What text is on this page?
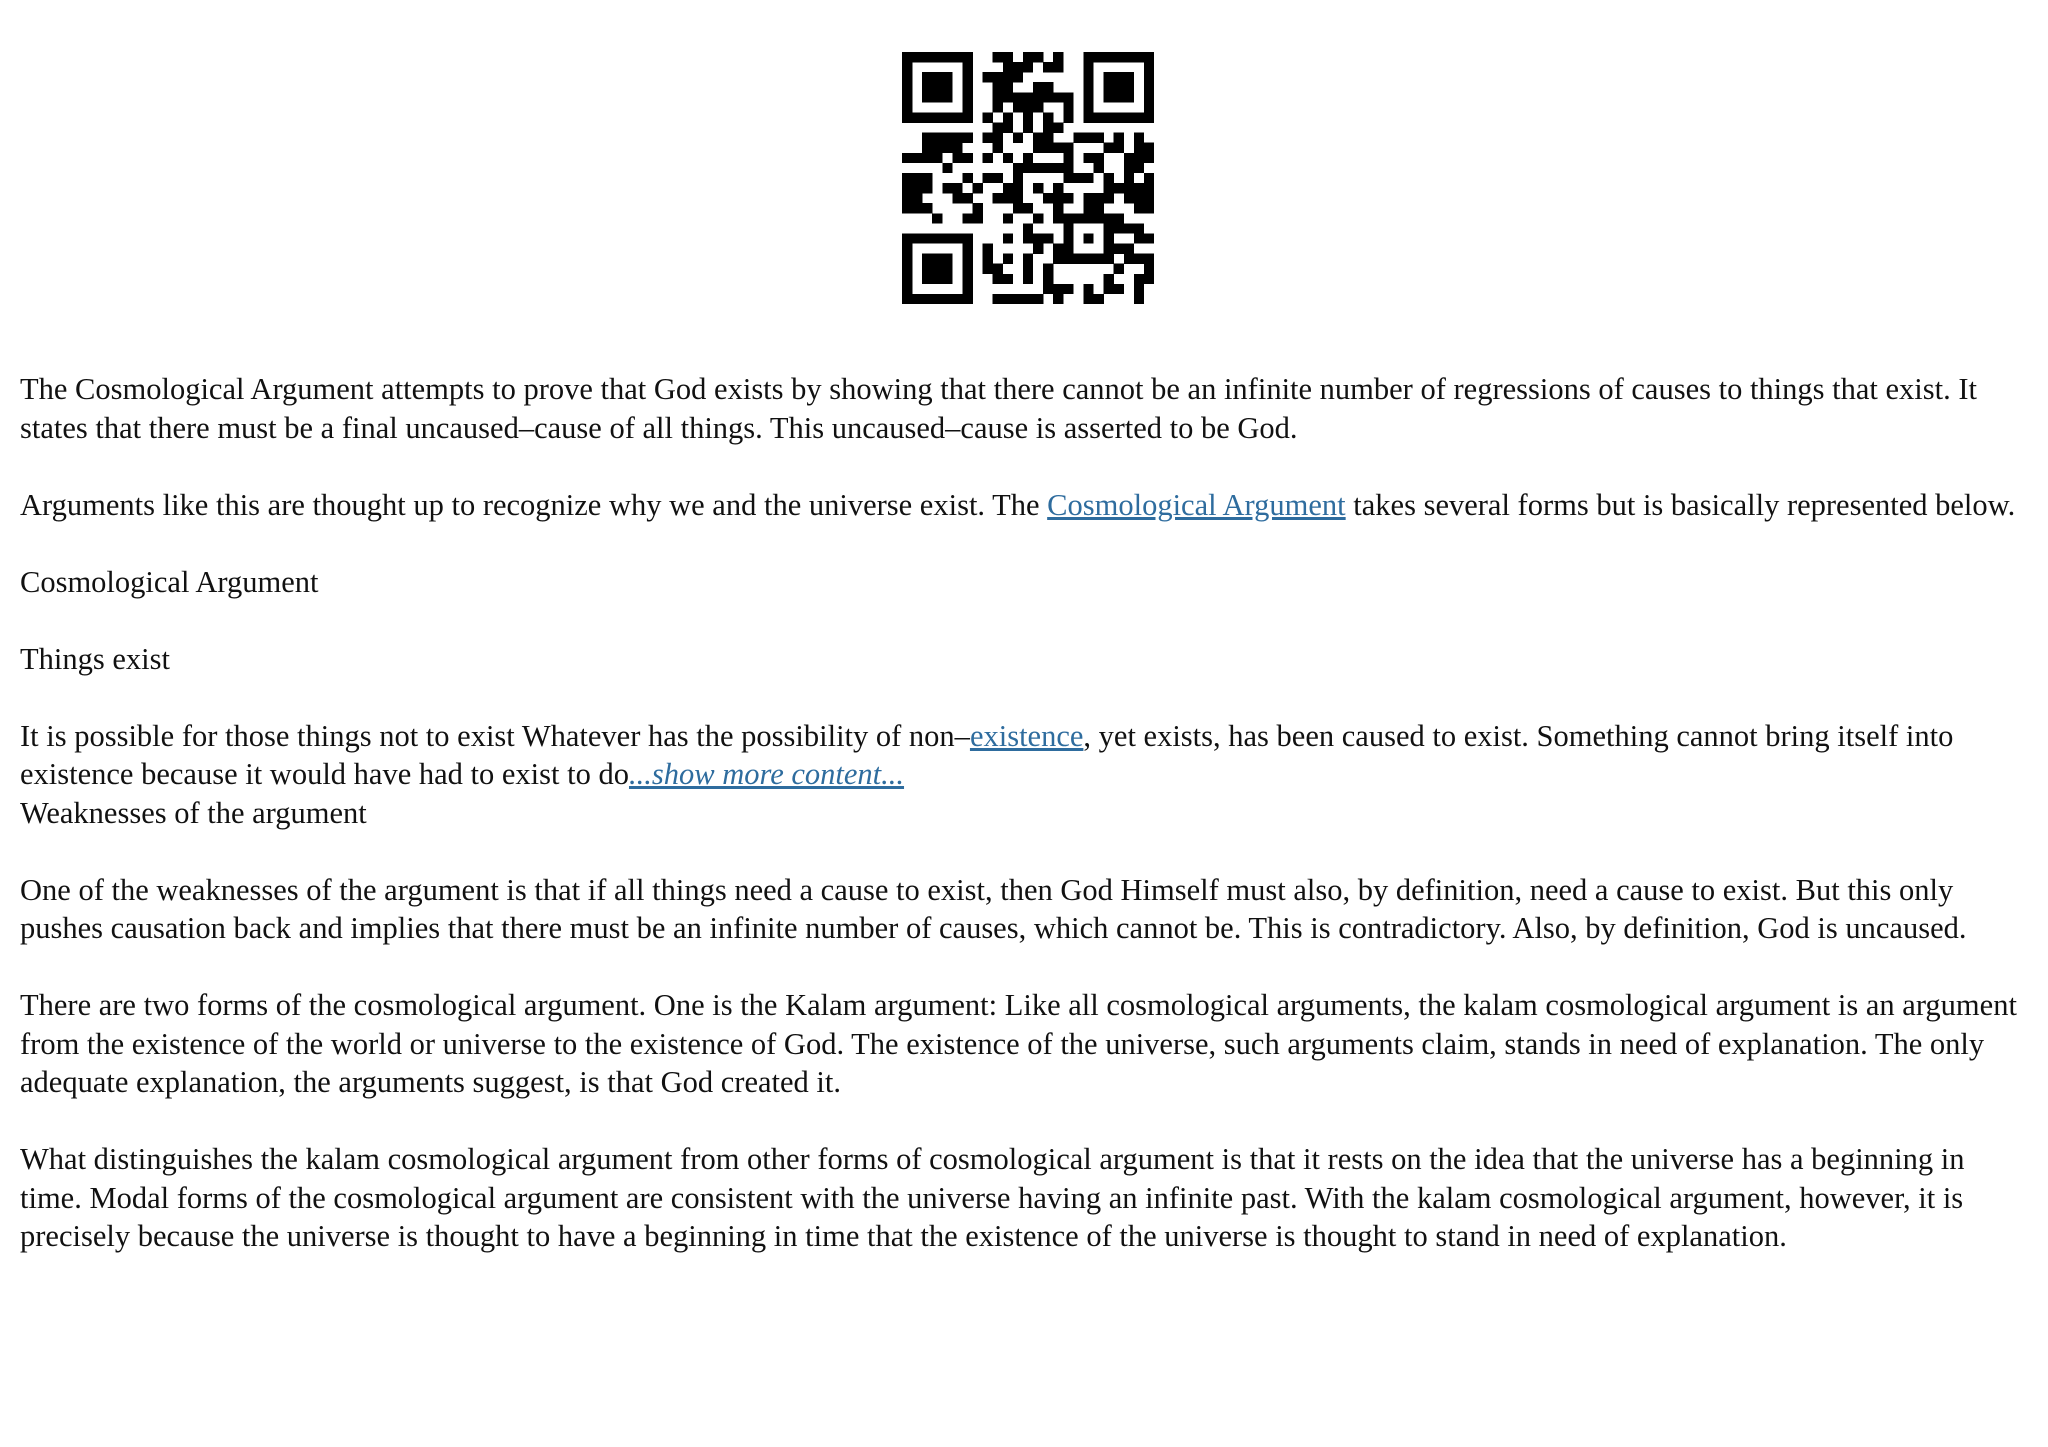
The Cosmological Argument attempts to prove that God exists by showing that there cannot be an infinite number of regressions of causes to things that exist. It states that there must be a final uncaused–cause of all things. This uncaused–cause is asserted to be God.

Arguments like this are thought up to recognize why we and the universe exist. The Cosmological Argument takes several forms but is basically represented below.

Cosmological Argument

Things exist

It is possible for those things not to exist Whatever has the possibility of non–existence, yet exists, has been caused to exist. Something cannot bring itself into existence because it would have had to exist to do...show more content...

Weaknesses of the argument

One of the weaknesses of the argument is that if all things need a cause to exist, then God Himself must also, by definition, need a cause to exist. But this only pushes causation back and implies that there must be an infinite number of causes, which cannot be. This is contradictory. Also, by definition, God is uncaused.

There are two forms of the cosmological argument. One is the Kalam argument: Like all cosmological arguments, the kalam cosmological argument is an argument from the existence of the world or universe to the existence of God. The existence of the universe, such arguments claim, stands in need of explanation. The only adequate explanation, the arguments suggest, is that God created it.

What distinguishes the kalam cosmological argument from other forms of cosmological argument is that it rests on the idea that the universe has a beginning in time. Modal forms of the cosmological argument are consistent with the universe having an infinite past. With the kalam cosmological argument, however, it is precisely because the universe is thought to have a beginning in time that the existence of the universe is thought to stand in need of explanation.
